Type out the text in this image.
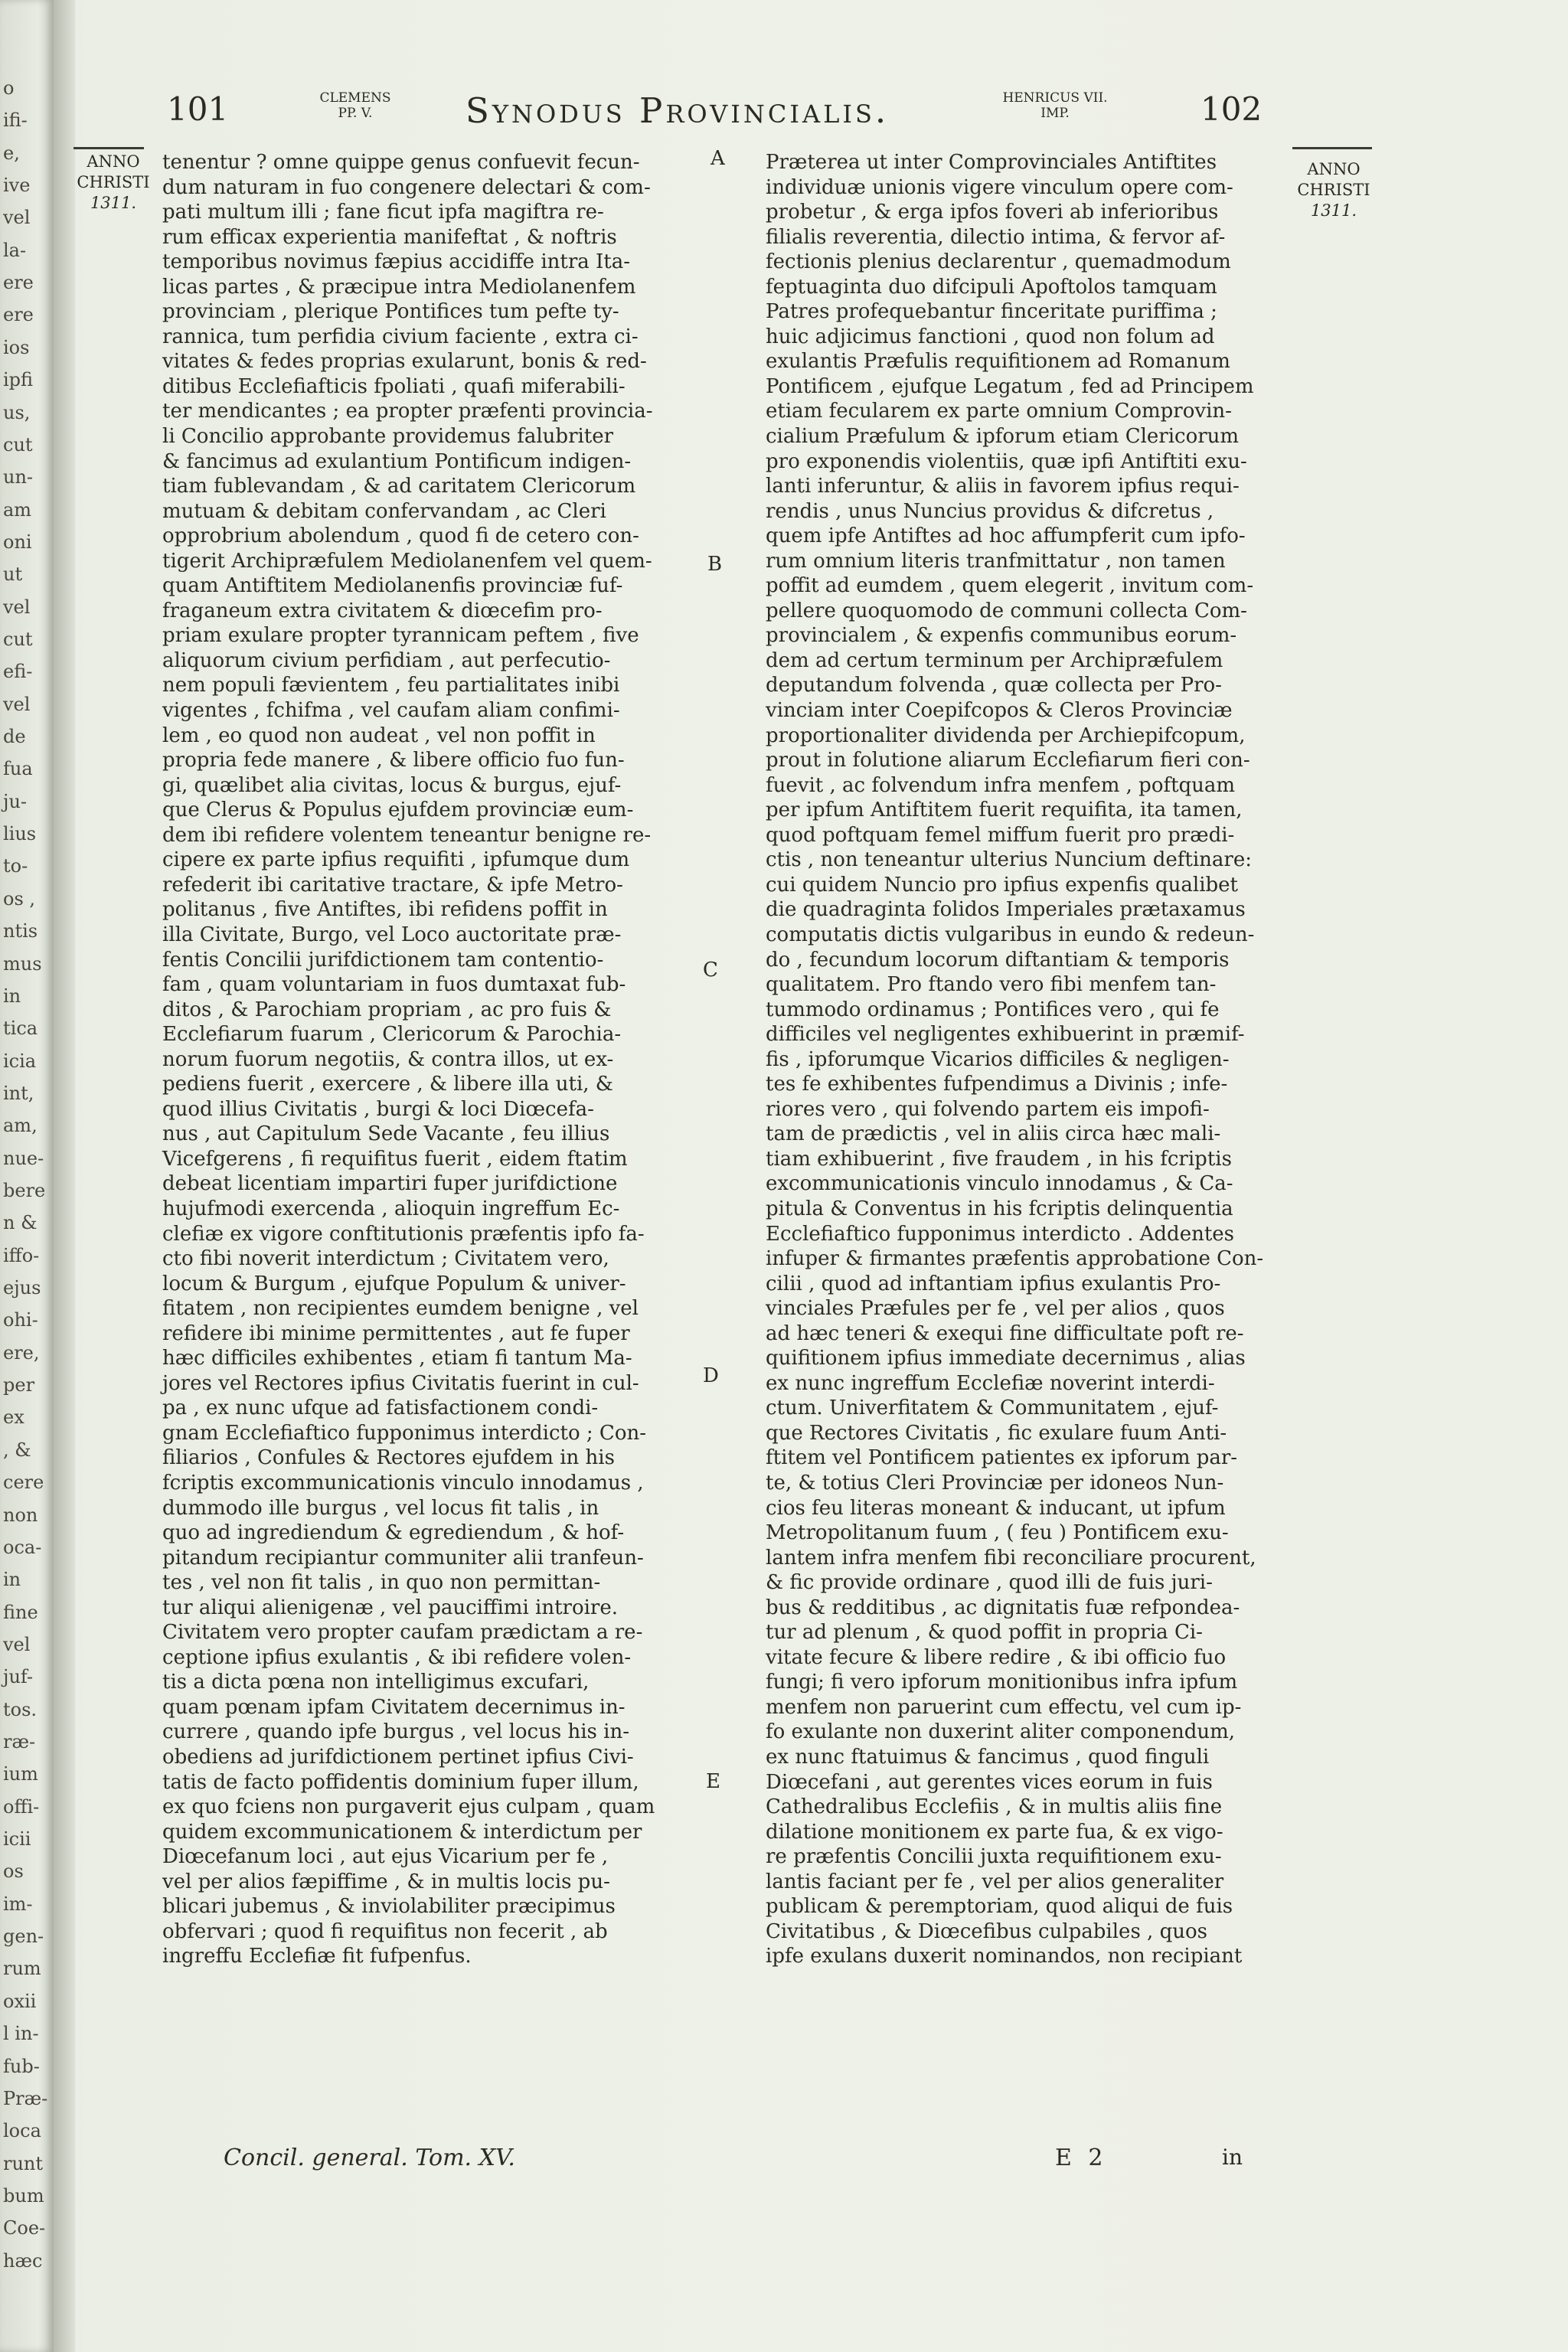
o
ifi-
e,
ive
vel
la-
ere
ere
ios
ipfi
us,
cut
un-
am
oni
ut
vel
cut
efi-
vel
de
fua
ju-
lius
to-
os ,
ntis
mus
in
tica
icia
int,
am,
nue-
bere
n &
iffo-
ejus
ohi-
ere,
per
ex
, &
cere
non
oca-
in
fine
vel
juf-
tos.
ræ-
ium
offi-
icii
os
im-
gen-
rum
oxii
l in-
fub-
Præ-
loca
runt
bum
Coe-
hæc
101	CLEMENS
PP. V.	Synodus Provincialis.	HENRICUS VII.
IMP.	102
ANNO
CHRISTI
1311.
ANNO
CHRISTI
1311.
A
B
C
D
E
tenentur ? omne quippe genus confuevit fecun-
dum naturam in fuo congenere delectari & com-
pati multum illi ; fane ficut ipfa magiftra re-
rum efficax experientia manifeftat , & noftris
temporibus novimus fæpius accidiffe intra Ita-
licas partes , & præcipue intra Mediolanenfem
provinciam , plerique Pontifices tum pefte ty-
rannica, tum perfidia civium faciente , extra ci-
vitates & fedes proprias exularunt, bonis & red-
ditibus Ecclefiafticis fpoliati , quafi miferabili-
ter mendicantes ; ea propter præfenti provincia-
li Concilio approbante providemus falubriter
& fancimus ad exulantium Pontificum indigen-
tiam fublevandam , & ad caritatem Clericorum
mutuam & debitam confervandam , ac Cleri
opprobrium abolendum , quod fi de cetero con-
tigerit Archipræfulem Mediolanenfem vel quem-
quam Antiftitem Mediolanenfis provinciæ fuf-
fraganeum extra civitatem & diœcefim pro-
priam exulare propter tyrannicam peftem , five
aliquorum civium perfidiam , aut perfecutio-
nem populi fævientem , feu partialitates inibi
vigentes , fchifma , vel caufam aliam confimi-
lem , eo quod non audeat , vel non poffit in
propria fede manere , & libere officio fuo fun-
gi, quælibet alia civitas, locus & burgus, ejuf-
que Clerus & Populus ejufdem provinciæ eum-
dem ibi refidere volentem teneantur benigne re-
cipere ex parte ipfius requifiti , ipfumque dum
refederit ibi caritative tractare, & ipfe Metro-
politanus , five Antiftes, ibi refidens poffit in
illa Civitate, Burgo, vel Loco auctoritate præ-
fentis Concilii jurifdictionem tam contentio-
fam , quam voluntariam in fuos dumtaxat fub-
ditos , & Parochiam propriam , ac pro fuis &
Ecclefiarum fuarum , Clericorum & Parochia-
norum fuorum negotiis, & contra illos, ut ex-
pediens fuerit , exercere , & libere illa uti, &
quod illius Civitatis , burgi & loci Diœcefa-
nus , aut Capitulum Sede Vacante , feu illius
Vicefgerens , fi requifitus fuerit , eidem ftatim
debeat licentiam impartiri fuper jurifdictione
hujufmodi exercenda , alioquin ingreffum Ec-
clefiæ ex vigore conftitutionis præfentis ipfo fa-
cto fibi noverit interdictum ; Civitatem vero,
locum & Burgum , ejufque Populum & univer-
fitatem , non recipientes eumdem benigne , vel
refidere ibi minime permittentes , aut fe fuper
hæc difficiles exhibentes , etiam fi tantum Ma-
jores vel Rectores ipfius Civitatis fuerint in cul-
pa , ex nunc ufque ad fatisfactionem condi-
gnam Ecclefiaftico fupponimus interdicto ; Con-
filiarios , Confules & Rectores ejufdem in his
fcriptis excommunicationis vinculo innodamus ,
dummodo ille burgus , vel locus fit talis , in
quo ad ingrediendum & egrediendum , & hof-
pitandum recipiantur communiter alii tranfeun-
tes , vel non fit talis , in quo non permittan-
tur aliqui alienigenæ , vel pauciffimi introire.
Civitatem vero propter caufam prædictam a re-
ceptione ipfius exulantis , & ibi refidere volen-
tis a dicta pœna non intelligimus excufari,
quam pœnam ipfam Civitatem decernimus in-
currere , quando ipfe burgus , vel locus his in-
obediens ad jurifdictionem pertinet ipfius Civi-
tatis de facto poffidentis dominium fuper illum,
ex quo fciens non purgaverit ejus culpam , quam
quidem excommunicationem & interdictum per
Diœcefanum loci , aut ejus Vicarium per fe ,
vel per alios fæpiffime , & in multis locis pu-
blicari jubemus , & inviolabiliter præcipimus
obfervari ; quod fi requifitus non fecerit , ab
ingreffu Ecclefiæ fit fufpenfus.
Præterea ut inter Comprovinciales Antiftites
individuæ unionis vigere vinculum opere com-
probetur , & erga ipfos foveri ab inferioribus
filialis reverentia, dilectio intima, & fervor af-
fectionis plenius declarentur , quemadmodum
feptuaginta duo difcipuli Apoftolos tamquam
Patres profequebantur finceritate puriffima ;
huic adjicimus fanctioni , quod non folum ad
exulantis Præfulis requifitionem ad Romanum
Pontificem , ejufque Legatum , fed ad Principem
etiam fecularem ex parte omnium Comprovin-
cialium Præfulum & ipforum etiam Clericorum
pro exponendis violentiis, quæ ipfi Antiftiti exu-
lanti inferuntur, & aliis in favorem ipfius requi-
rendis , unus Nuncius providus & difcretus ,
quem ipfe Antiftes ad hoc affumpferit cum ipfo-
rum omnium literis tranfmittatur , non tamen
poffit ad eumdem , quem elegerit , invitum com-
pellere quoquomodo de communi collecta Com-
provincialem , & expenfis communibus eorum-
dem ad certum terminum per Archipræfulem
deputandum folvenda , quæ collecta per Pro-
vinciam inter Coepifcopos & Cleros Provinciæ
proportionaliter dividenda per Archiepifcopum,
prout in folutione aliarum Ecclefiarum fieri con-
fuevit , ac folvendum infra menfem , poftquam
per ipfum Antiftitem fuerit requifita, ita tamen,
quod poftquam femel miffum fuerit pro prædi-
ctis , non teneantur ulterius Nuncium deftinare:
cui quidem Nuncio pro ipfius expenfis qualibet
die quadraginta folidos Imperiales prætaxamus
computatis dictis vulgaribus in eundo & redeun-
do , fecundum locorum diftantiam & temporis
qualitatem. Pro ftando vero fibi menfem tan-
tummodo ordinamus ; Pontifices vero , qui fe
difficiles vel negligentes exhibuerint in præmif-
fis , ipforumque Vicarios difficiles & negligen-
tes fe exhibentes fufpendimus a Divinis ; infe-
riores vero , qui folvendo partem eis impofi-
tam de prædictis , vel in aliis circa hæc mali-
tiam exhibuerint , five fraudem , in his fcriptis
excommunicationis vinculo innodamus , & Ca-
pitula & Conventus in his fcriptis delinquentia
Ecclefiaftico fupponimus interdicto . Addentes
infuper & firmantes præfentis approbatione Con-
cilii , quod ad inftantiam ipfius exulantis Pro-
vinciales Præfules per fe , vel per alios , quos
ad hæc teneri & exequi fine difficultate poft re-
quifitionem ipfius immediate decernimus , alias
ex nunc ingreffum Ecclefiæ noverint interdi-
ctum. Univerfitatem & Communitatem , ejuf-
que Rectores Civitatis , fic exulare fuum Anti-
ftitem vel Pontificem patientes ex ipforum par-
te, & totius Cleri Provinciæ per idoneos Nun-
cios feu literas moneant & inducant, ut ipfum
Metropolitanum fuum , ( feu ) Pontificem exu-
lantem infra menfem fibi reconciliare procurent,
& fic provide ordinare , quod illi de fuis juri-
bus & redditibus , ac dignitatis fuæ refpondea-
tur ad plenum , & quod poffit in propria Ci-
vitate fecure & libere redire , & ibi officio fuo
fungi; fi vero ipforum monitionibus infra ipfum
menfem non paruerint cum effectu, vel cum ip-
fo exulante non duxerint aliter componendum,
ex nunc ftatuimus & fancimus , quod finguli
Diœcefani , aut gerentes vices eorum in fuis
Cathedralibus Ecclefiis , & in multis aliis fine
dilatione monitionem ex parte fua, & ex vigo-
re præfentis Concilii juxta requifitionem exu-
lantis faciant per fe , vel per alios generaliter
publicam & peremptoriam, quod aliqui de fuis
Civitatibus , & Diœcefibus culpabiles , quos
ipfe exulans duxerit nominandos, non recipiant
Concil. general. Tom. XV.	E 2	in
